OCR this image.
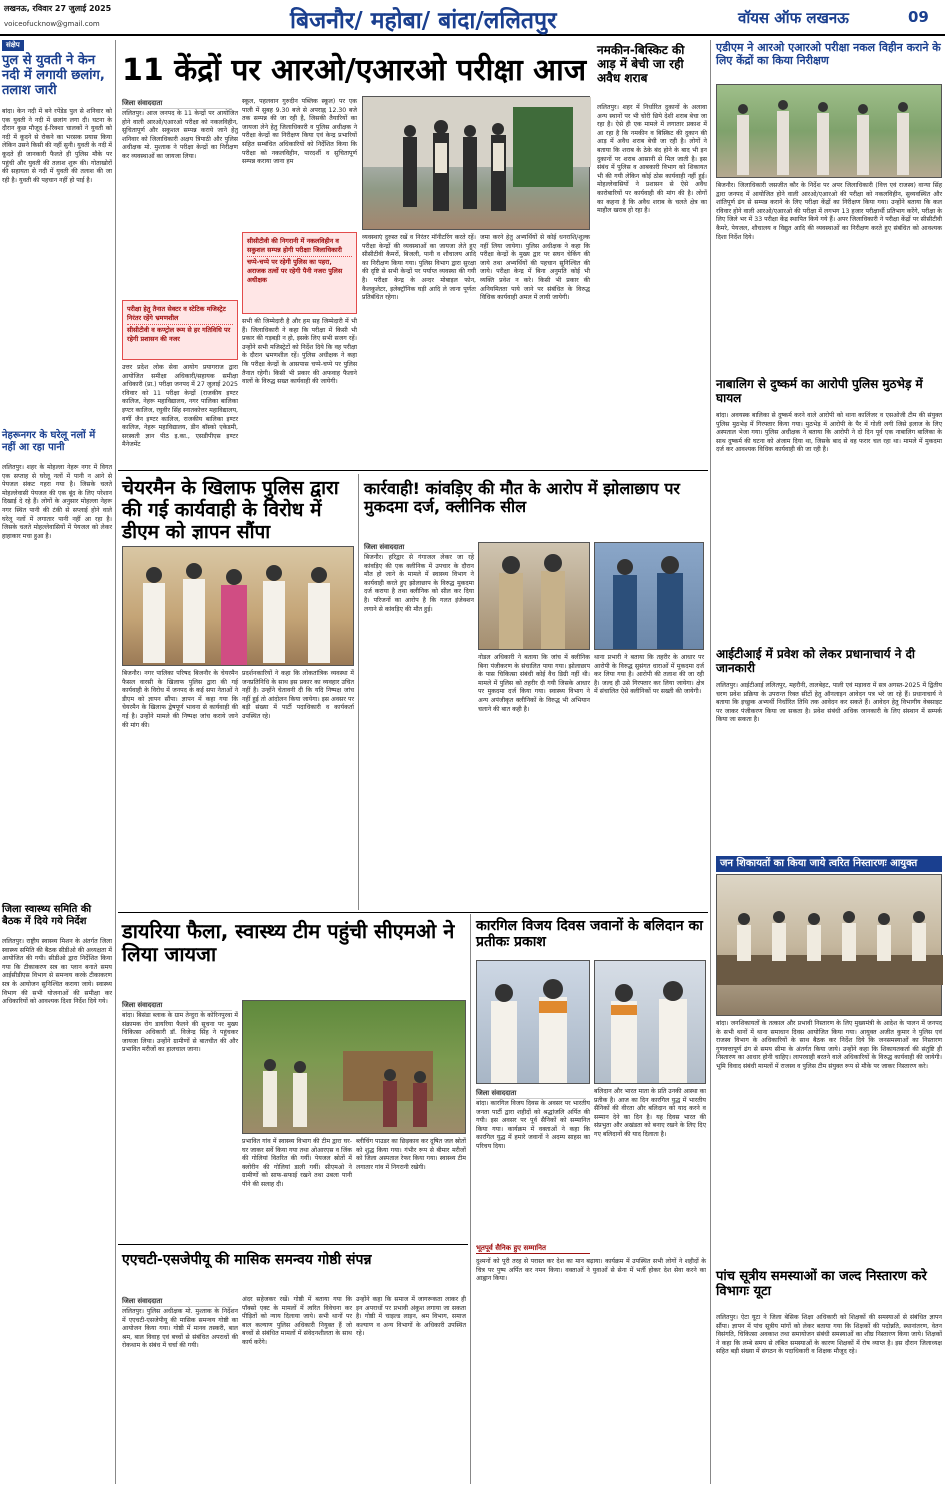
लखनऊ, रविवार 27 जुलाई 2025
voiceofucknow@gmail.com	बिजनौर/ महोबा/ बांदा/ललितपुर	वॉयस ऑफ लखनऊ	09
संक्षेप
पुल से युवती ने केन नदी में लगायी छलांग, तलाश जारी
बांदा। केन नदी में बने रपेंडेड पुल से शनिवार को एक युवती ने नदी में छलांग लगा दी। घटना के दौरान कुछ मौजूद ई-रिक्शा चालकों ने युवती को नदी में कूदने से रोकने का भरसक प्रयास किया लेकिन उसने किसी की नहीं सुनी। युवती के नदी में कूदते ही जानकारी फैलते ही पुलिस मौके पर पहुंची और युवती की तलाश शुरू की। गोताखोरों की सहायता से नदी में युवती की तलाश की जा रही है। युवती की पहचान नहीं हो पाई है।
नेहरूनगर के घरेलू नलों में नहीं आ रहा पानी
ललितपुर। शहर के मोहल्ला नेहरू नगर में विगत एक सप्ताह से घरेलू नलों में पानी न आने से पेयजल संकट गहरा गया है। जिसके चलते मोहल्लेवासी पेयजल की एक बूंद के लिए परेशान दिखाई दे रहे हैं। लोगों के अनुसार मोहल्ला नेहरू नगर स्थित पानी की टंकी से सप्लाई होने वाले घरेलू नलों में लगातार पानी नहीं आ रहा है। जिसके चलते मोहल्लेवासियों में पेयजल को लेकर हाहाकार मचा हुआ है।
जिला स्वास्थ्य समिति की बैठक में दिये गये निर्देश
ललितपुर। राष्ट्रीय स्वास्थ्य मिशन के अंतर्गत जिला स्वास्थ्य समिति की बैठक सीडीओ की अध्यक्षता में आयोजित की गयी। सीडीओ द्वारा निर्देशित किया गया कि टीकाकरण सत्र का प्लान बनाते समय आईसीडीएस विभाग से समन्वय करके टीकाकरण सत्र के आयोजन सुनिश्चित कराया जाये। स्वास्थ्य विभाग की सभी योजनाओं की समीक्षा कर अधिकारियों को आवश्यक दिशा निर्देश दिये गये।
11 केंद्रों पर आरओ/एआरओ परीक्षा आज
जिला संवाददाता
ललितपुर। आज जनपद के 11 केन्द्रों पर आयोजित होने वाली आरओ/एआरओ परीक्षा को नकलविहीन, सुचितापूर्ण और सकुशल सम्पन्न कराये जाने हेतु शनिवार को जिलाधिकारी अक्षय त्रिपाठी और पुलिस अधीक्षक मो. मुश्ताक ने परीक्षा केन्द्रों का निरीक्षण कर व्यवस्थाओं का जायजा लिया।
स्कूल, पहलवान गुरुदीन पब्लिक स्कूल) पर एक पाली में सुबह 9.30 बजे से अपराह्न 12.30 बजे तक सम्पन्न की जा रही है, जिसकी तैयारियों का जायजा लेने हेतु जिलाधिकारी व पुलिस अधीक्षक ने परीक्षा केन्द्रों का निरीक्षण किया एवं केन्द्र प्रभारियों सहित सम्बंधित अधिकारियों को निर्देशित किया कि परीक्षा को नकलविहीन, पारदर्शी व सुचितापूर्ण सम्पन्न कराया जाना हम
सीसीटीवी की निगरानी में नकलविहीन व सकुशल सम्पन्न होगी परीक्षाः जिलाधिकारी
चप्पे-चप्पे पर रहेगी पुलिस का पहरा, अराजक तत्वों पर रहेगी पैनी नजरः पुलिस अधीक्षक
परीक्षा हेतु तैनात सेक्टर व स्टेटिक मजिस्ट्रेट निरंतर रहेंगे भ्रमणशील
सीसीटीवी व कण्ट्रोल रूम से हर गतिविधि पर रहेगी प्रशासन की नजर
उत्तर प्रदेश लोक सेवा आयोग प्रयागराज द्वारा आयोजित समीक्षा अधिकारी/सहायक समीक्षा अधिकारी (प्रा.) परीक्षा जनपद में 27 जुलाई 2025 रविवार को 11 परीक्षा केन्द्रों (राजकीय इण्टर कालिज, नेहरू महाविद्यालय, नगर पालिका बालिका इण्टर कालिज, रघुवीर सिंह स्नातकोत्तर महाविद्यालय, वर्णी जैन इण्टर कालिज, राजकीय बालिका इण्टर कालिज, नेहरू महाविद्यालय, डीन बॉस्को एकेडमी, सरस्वती ज्ञान पीठ इ.का., एसडीपीएस इण्टर मैनेजमेंट
सभी की जिम्मेदारी है और हम सह जिम्मेदारी में भी हैं। जिलाधिकारी ने कहा कि परीक्षा में किसी भी प्रकार की गड़बड़ी न हो, इसके लिए सभी सजग रहें। उन्होंने सभी मजिस्ट्रेटों को निर्देश दिये कि वह परीक्षा के दौरान भ्रमणशील रहें। पुलिस अधीक्षक ने कहा कि परीक्षा केन्द्रों के आसपास चप्पे-चप्पे पर पुलिस तैनात रहेगी। किसी भी प्रकार की अफवाह फैलाने वालों के विरुद्ध सख्त कार्यवाही की जायेगी।
व्यवस्थाएं दुरुस्त रखें व निरंतर मॉनीटरिंग करते रहें। परीक्षा केन्द्रों की व्यवस्थाओं का जायजा लेते हुए सीसीटीवी कैमरों, बिजली, पानी व शौचालय आदि का निरीक्षण किया गया। पुलिस विभाग द्वारा सुरक्षा की दृष्टि से सभी केन्द्रों पर पर्याप्त व्यवस्था की गयी है। परीक्षा केन्द्र के अन्दर मोबाइल फोन, कैलकुलेटर, इलेक्ट्रॉनिक घड़ी आदि ले जाना पूर्णतः प्रतिबंधित रहेगा।
जमा करने हेतु अभ्यर्थियों से कोई धनराशि/शुल्क नहीं लिया जायेगा। पुलिस अधीक्षक ने कहा कि परीक्षा केन्द्रों के मुख्य द्वार पर सघन चेकिंग की जाये तथा अभ्यर्थियों की पहचान सुनिश्चित की जाये। परीक्षा केन्द्र में बिना अनुमति कोई भी व्यक्ति प्रवेश न करे। किसी भी प्रकार की अनियमितता पाये जाने पर संबंधित के विरुद्ध विधिक कार्यवाही अमल में लायी जायेगी।
नमकीन-बिस्किट की आड़ में बेची जा रही अवैध शराब
ललितपुर। शहर में निर्धारित दुकानों के अलावा अन्य स्थानों पर भी चोरी छिपे देशी शराब बेचा जा रहा है। ऐसे ही एक मामले में लगातार प्रकाश में आ रहा है कि नमकीन व बिस्किट की दुकान की आड़ में अवैध शराब बेची जा रही है। लोगों ने बताया कि शराब के ठेके बंद होने के बाद भी इन दुकानों पर शराब आसानी से मिल जाती है। इस संबंध में पुलिस व आबकारी विभाग को शिकायत भी की गयी लेकिन कोई ठोस कार्यवाही नहीं हुई। मोहल्लेवासियों ने प्रशासन से ऐसे अवैध कारोबारियों पर कार्यवाही की मांग की है। लोगों का कहना है कि अवैध शराब के चलते क्षेत्र का माहौल खराब हो रहा है।
एडीएम ने आरओ एआरओ परीक्षा नकल विहीन कराने के लिए केंद्रों का किया निरीक्षण
बिजनौर। जिलाधिकारी जसजीत कौर के निर्देश पर अपर जिलाधिकारी (वित्त एवं राजस्व) वान्या सिंह द्वारा जनपद में आयोजित होने वाली आरओ/एआरओ की परीक्षा को नकलविहीन, सुव्यवस्थित और शांतिपूर्ण ढंग से सम्पन्न कराने के लिए परीक्षा केंद्रों का निरीक्षण किया गया। उन्होंने बताया कि कल रविवार होने वाली आरओ/एआरओ की परीक्षा में लगभग 13 हजार परीक्षार्थी प्रतिभाग करेंगे, परीक्षा के लिए जिले भर में 33 परीक्षा केंद्र स्थापित किये गये हैं। अपर जिलाधिकारी ने परीक्षा केंद्रों पर सीसीटीवी कैमरे, पेयजल, शौचालय व विद्युत आदि की व्यवस्थाओं का निरीक्षण करते हुए संबंधित को आवश्यक दिशा निर्देश दिये।
नाबालिग से दुष्कर्म का आरोपी पुलिस मुठभेड़ में घायल
बांदा। अवयस्क बालिका से दुष्कर्म करने वाले आरोपी को थाना कालिंजर व एसओजी टीम की संयुक्त पुलिस मुठभेड़ में गिरफ्तार किया गया। मुठभेड़ में आरोपी के पैर में गोली लगी जिसे इलाज के लिए अस्पताल भेजा गया। पुलिस अधीक्षक ने बताया कि आरोपी ने दो दिन पूर्व एक नाबालिग बालिका के साथ दुष्कर्म की घटना को अंजाम दिया था, जिसके बाद से वह फरार चल रहा था। मामले में मुकदमा दर्ज कर आवश्यक विधिक कार्यवाही की जा रही है।
आईटीआई में प्रवेश को लेकर प्रधानाचार्य ने दी जानकारी
ललितपुर। आईटीआई ललितपुर, महरौनी, तालबेहट, पाली एवं मड़ावरा में सत्र अगस्त-2025 में द्वितीय चरण प्रवेश प्रक्रिया के उपरान्त रिक्त सीटों हेतु ऑनलाइन आवेदन पत्र भरे जा रहे हैं। प्रधानाचार्य ने बताया कि इच्छुक अभ्यर्थी निर्धारित तिथि तक आवेदन कर सकते हैं। आवेदन हेतु विभागीय वेबसाइट पर जाकर पंजीकरण किया जा सकता है। प्रवेश संबंधी अधिक जानकारी के लिए संस्थान में सम्पर्क किया जा सकता है।
जन शिकायतों का किया जाये त्वरित निस्तारणः आयुक्त
बांदा। जनशिकायतों के तत्काल और प्रभावी निस्तारण के लिए मुख्यमंत्री के आदेश के पालन में जनपद के सभी थानों में थाना समाधान दिवस आयोजित किया गया। आयुक्त अजीत कुमार ने पुलिस एवं राजस्व विभाग के अधिकारियों के साथ बैठक कर निर्देश दिये कि जनसमस्याओं का निस्तारण गुणवत्तापूर्ण ढंग से समय सीमा के अंतर्गत किया जाये। उन्होंने कहा कि शिकायतकर्ता की संतुष्टि ही निस्तारण का आधार होनी चाहिए। लापरवाही बरतने वाले अधिकारियों के विरुद्ध कार्यवाही की जायेगी। भूमि विवाद संबंधी मामलों में राजस्व व पुलिस टीम संयुक्त रूप से मौके पर जाकर निस्तारण करे।
पांच सूत्रीय समस्याओं का जल्द निस्तारण करे विभागः यूटा
ललितपुर। ऐटा यूटा ने जिला बेसिक शिक्षा अधिकारी को शिक्षकों की समस्याओं से संबंधित ज्ञापन सौंपा। ज्ञापन में पांच सूत्रीय मांगों को लेकर बताया गया कि शिक्षकों की पदोन्नति, स्थानांतरण, वेतन विसंगति, चिकित्सा अवकाश तथा समायोजन संबंधी समस्याओं का शीघ्र निस्तारण किया जाये। शिक्षकों ने कहा कि लम्बे समय से लंबित समस्याओं के कारण शिक्षकों में रोष व्याप्त है। इस दौरान जिलाध्यक्ष सहित बड़ी संख्या में संगठन के पदाधिकारी व शिक्षक मौजूद रहे।
चेयरमैन के खिलाफ पुलिस द्वारा की गई कार्यवाही के विरोध में डीएम को ज्ञापन सौंपा
बिजनौर। नगर पालिका परिषद बिजनौर के चेयरमैन फैसल वारसी के खिलाफ पुलिस द्वारा की गई कार्यवाही के विरोध में जनपद के कई सपा नेताओं ने डीएम को ज्ञापन सौंपा। ज्ञापन में कहा गया कि चेयरमैन के खिलाफ द्वेषपूर्ण भावना से कार्यवाही की गई है। उन्होंने मामले की निष्पक्ष जांच कराये जाने की मांग की।
प्रदर्शनकारियों ने कहा कि लोकतांत्रिक व्यवस्था में जनप्रतिनिधि के साथ इस प्रकार का व्यवहार उचित नहीं है। उन्होंने चेतावनी दी कि यदि निष्पक्ष जांच नहीं हुई तो आंदोलन किया जायेगा। इस अवसर पर बड़ी संख्या में पार्टी पदाधिकारी व कार्यकर्ता उपस्थित रहे।
कार्रवाही! कांवड़िए की मौत के आरोप में झोलाछाप पर मुकदमा दर्ज, क्लीनिक सील
जिला संवाददाता
बिजनौर। हरिद्वार से गंगाजल लेकर जा रहे कांवड़िए की एक क्लीनिक में उपचार के दौरान मौत हो जाने के मामले में स्वास्थ्य विभाग ने कार्यवाही करते हुए झोलाछाप के विरुद्ध मुकदमा दर्ज कराया है तथा क्लीनिक को सील कर दिया है। परिजनों का आरोप है कि गलत इंजेक्शन लगाने से कांवड़िए की मौत हुई।
नोडल अधिकारी ने बताया कि जांच में क्लीनिक बिना पंजीकरण के संचालित पाया गया। झोलाछाप के पास चिकित्सा संबंधी कोई वैध डिग्री नहीं थी। मामले में पुलिस को तहरीर दी गयी जिसके आधार पर मुकदमा दर्ज किया गया। स्वास्थ्य विभाग ने अन्य अपंजीकृत क्लीनिकों के विरुद्ध भी अभियान चलाने की बात कही है।
थाना प्रभारी ने बताया कि तहरीर के आधार पर आरोपी के विरुद्ध सुसंगत धाराओं में मुकदमा दर्ज कर लिया गया है। आरोपी की तलाश की जा रही है। जल्द ही उसे गिरफ्तार कर लिया जायेगा। क्षेत्र में संचालित ऐसे क्लीनिकों पर सख्ती की जायेगी।
डायरिया फैला, स्वास्थ्य टीम पहुंची सीएमओ ने लिया जायजा
जिला संवाददाता
बांदा। बिसंडा ब्लाक के ग्राम तेन्दुरा के कोरिनपुरवा में संक्रामक रोग डायरिया फैलने की सूचना पर मुख्य चिकित्सा अधिकारी डॉ. विजेन्द्र सिंह ने पहुंचकर जायजा लिया। उन्होंने ग्रामीणों से बातचीत की और प्रभावित मरीजों का हालचाल जाना।
प्रभावित गांव में स्वास्थ्य विभाग की टीम द्वारा घर-घर जाकर सर्वे किया गया तथा ओआरएस व जिंक की गोलियां वितरित की गयीं। पेयजल स्रोतों में क्लोरीन की गोलियां डाली गयीं। सीएमओ ने ग्रामीणों को साफ-सफाई रखने तथा उबला पानी पीने की सलाह दी।
ब्लीचिंग पाउडर का छिड़काव कर दूषित जल स्रोतों को शुद्ध किया गया। गंभीर रूप से बीमार मरीजों को जिला अस्पताल रेफर किया गया। स्वास्थ्य टीम लगातार गांव में निगरानी रखेगी।
कारगिल विजय दिवस जवानों के बलिदान का प्रतीकः प्रकाश
जिला संवाददाता
बांदा। कारगिल विजय दिवस के अवसर पर भारतीय जनता पार्टी द्वारा शहीदों को श्रद्धांजलि अर्पित की गयी। इस अवसर पर पूर्व सैनिकों को सम्मानित किया गया। कार्यक्रम में वक्ताओं ने कहा कि कारगिल युद्ध में हमारे जवानों ने अदम्य साहस का परिचय दिया।
बलिदान और भारत माता के प्रति उनकी आस्था का प्रतीक है। आज का दिन कारगिल युद्ध में भारतीय सैनिकों की वीरता और बलिदान को याद करने व सम्मान देने का दिन है। यह दिवस भारत की संप्रभुता और अखंडता को बनाए रखने के लिए दिए गए बलिदानों की याद दिलाता है।
भूतपूर्व सैनिक हुए सम्मानित
दुश्मनों को पूरी तरह से परास्त कर देश का मान बढ़ाया। कार्यक्रम में उपस्थित सभी लोगों ने शहीदों के चित्र पर पुष्प अर्पित कर नमन किया। वक्ताओं ने युवाओं से सेना में भर्ती होकर देश सेवा करने का आह्वान किया।
एएचटी-एसजेपीयू की मासिक समन्वय गोष्ठी संपन्न
जिला संवाददाता
ललितपुर। पुलिस अधीक्षक मो. मुश्ताक के निर्देशन में एएचटी-एसजेपीयू की मासिक समन्वय गोष्ठी का आयोजन किया गया। गोष्ठी में मानव तस्करी, बाल श्रम, बाल विवाह एवं बच्चों से संबंधित अपराधों की रोकथाम के संबंध में चर्चा की गयी।
अंदर सहेजकर रखें। गोष्ठी में बताया गया कि पॉक्सो एक्ट के मामलों में त्वरित विवेचना कर पीड़ितों को न्याय दिलाया जाये। सभी थानों पर बाल कल्याण पुलिस अधिकारी नियुक्त हैं जो बच्चों से संबंधित मामलों में संवेदनशीलता के साथ कार्य करेंगे।
उन्होंने कहा कि समाज में जागरूकता लाकर ही इन अपराधों पर प्रभावी अंकुश लगाया जा सकता है। गोष्ठी में चाइल्ड लाइन, श्रम विभाग, समाज कल्याण व अन्य विभागों के अधिकारी उपस्थित रहे।
